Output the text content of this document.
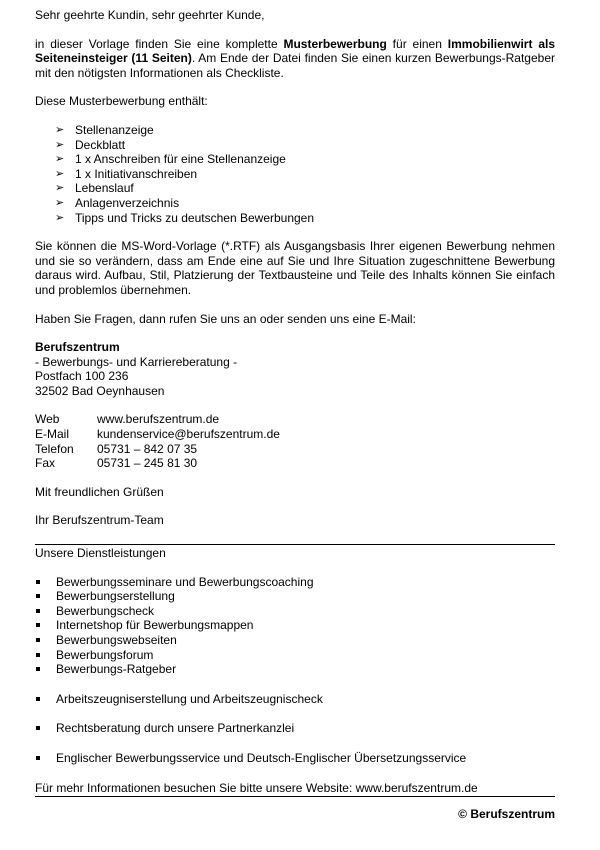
Sehr geehrte Kundin, sehr geehrter Kunde,

in dieser Vorlage finden Sie eine komplette Musterbewerbung für einen Immobilienwirt als Seiteneinsteiger (11 Seiten). Am Ende der Datei finden Sie einen kurzen Bewerbungs-Ratgeber mit den nötigsten Informationen als Checkliste.

Diese Musterbewerbung enthält:

➢ Stellenanzeige
➢ Deckblatt
➢ 1 x Anschreiben für eine Stellenanzeige
➢ 1 x Initiativanschreiben
➢ Lebenslauf
➢ Anlagenverzeichnis
➢ Tipps und Tricks zu deutschen Bewerbungen

Sie können die MS-Word-Vorlage (*.RTF) als Ausgangsbasis Ihrer eigenen Bewerbung nehmen und sie so verändern, dass am Ende eine auf Sie und Ihre Situation zugeschnittene Bewerbung daraus wird. Aufbau, Stil, Platzierung der Textbausteine und Teile des Inhalts können Sie einfach und problemlos übernehmen.

Haben Sie Fragen, dann rufen Sie uns an oder senden uns eine E-Mail:

Berufszentrum

- Bewerbungs- und Karriereberatung -

Postfach 100 236

32502 Bad Oeynhausen

Web	www.berufszentrum.de
E-Mail	kundenservice@berufszentrum.de
Telefon	05731 – 842 07 35
Fax	05731 – 245 81 30

Mit freundlichen Grüßen

Ihr Berufszentrum-Team

Unsere Dienstleistungen

Bewerbungsseminare und Bewerbungscoaching
Bewerbungserstellung
Bewerbungscheck
Internetshop für Bewerbungsmappen
Bewerbungswebseiten
Bewerbungsforum
Bewerbungs-Ratgeber
Arbeitszeugniserstellung und Arbeitszeugnischeck
Rechtsberatung durch unsere Partnerkanzlei
Englischer Bewerbungsservice und Deutsch-Englischer Übersetzungsservice

Für mehr Informationen besuchen Sie bitte unsere Website: www.berufszentrum.de

© Berufszentrum
